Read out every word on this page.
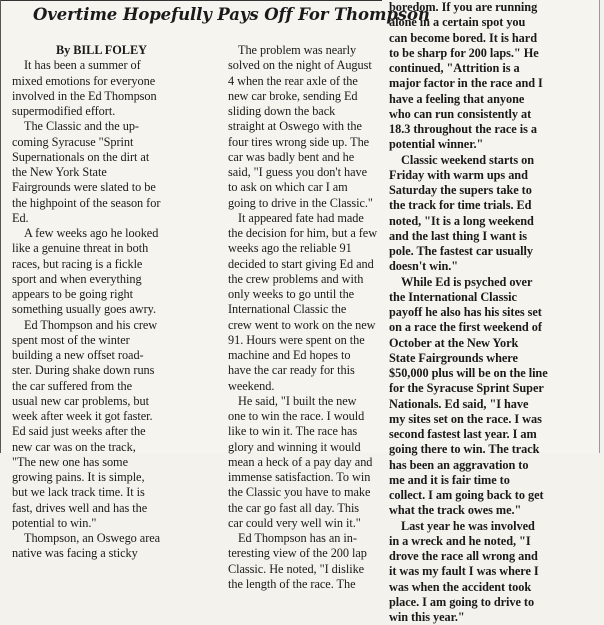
Overtime Hopefully Pays Off For Thompson
By BILL FOLEY
It has been a summer of
mixed emotions for everyone
involved in the Ed Thompson
supermodified effort.
The Classic and the up-
coming Syracuse "Sprint
Supernationals on the dirt at
the New York State
Fairgrounds were slated to be
the highpoint of the season for
Ed.
A few weeks ago he looked
like a genuine threat in both
races, but racing is a fickle
sport and when everything
appears to be going right
something usually goes awry.
Ed Thompson and his crew
spent most of the winter
building a new offset road-
ster. During shake down runs
the car suffered from the
usual new car problems, but
week after week it got faster.
Ed said just weeks after the
new car was on the track,
"The new one has some
growing pains. It is simple,
but we lack track time. It is
fast, drives well and has the
potential to win."
Thompson, an Oswego area
native was facing a sticky
The problem was nearly
solved on the night of August
4 when the rear axle of the
new car broke, sending Ed
sliding down the back
straight at Oswego with the
four tires wrong side up. The
car was badly bent and he
said, "I guess you don't have
to ask on which car I am
going to drive in the Classic."
It appeared fate had made
the decision for him, but a few
weeks ago the reliable 91
decided to start giving Ed and
the crew problems and with
only weeks to go until the
International Classic the
crew went to work on the new
91. Hours were spent on the
machine and Ed hopes to
have the car ready for this
weekend.
He said, "I built the new
one to win the race. I would
like to win it. The race has
glory and winning it would
mean a heck of a pay day and
immense satisfaction. To win
the Classic you have to make
the car go fast all day. This
car could very well win it."
Ed Thompson has an in-
teresting view of the 200 lap
Classic. He noted, "I dislike
the length of the race. The
boredom. If you are running
alone in a certain spot you
can become bored. It is hard
to be sharp for 200 laps." He
continued, "Attrition is a
major factor in the race and I
have a feeling that anyone
who can run consistently at
18.3 throughout the race is a
potential winner."
Classic weekend starts on
Friday with warm ups and
Saturday the supers take to
the track for time trials. Ed
noted, "It is a long weekend
and the last thing I want is
pole. The fastest car usually
doesn't win."
While Ed is psyched over
the International Classic
payoff he also has his sites set
on a race the first weekend of
October at the New York
State Fairgrounds where
$50,000 plus will be on the line
for the Syracuse Sprint Super
Nationals. Ed said, "I have
my sites set on the race. I was
second fastest last year. I am
going there to win. The track
has been an aggravation to
me and it is fair time to
collect. I am going back to get
what the track owes me."
Last year he was involved
in a wreck and he noted, "I
drove the race all wrong and
it was my fault I was where I
was when the accident took
place. I am going to drive to
win this year."
